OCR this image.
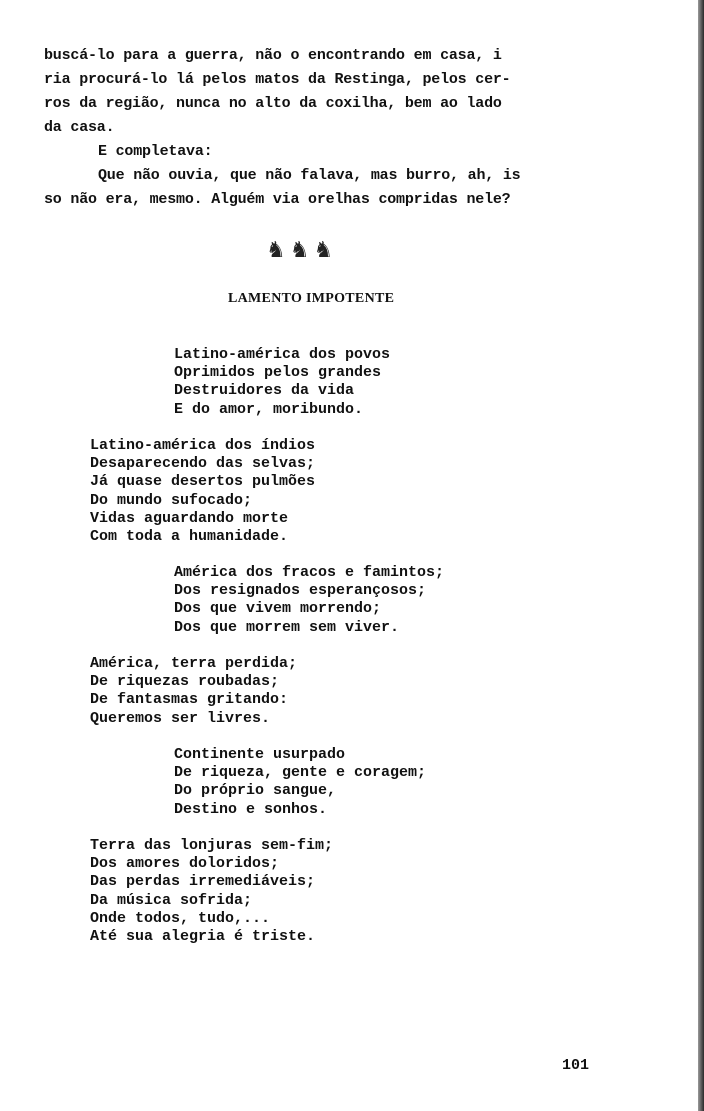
buscá-lo para a guerra, não o encontrando em casa, i
ria procurá-lo lá pelos matos da Restinga, pelos cer-
ros da região, nunca no alto da coxilha, bem ao lado
da casa.
E completava:
Que não ouvia, que não falava, mas burro, ah, is
so não era, mesmo. Alguém via orelhas compridas nele?
♞♞♞
LAMENTO IMPOTENTE
Latino-américa dos povos
Oprimidos pelos grandes
Destruidores da vida
E do amor, moribundo.
Latino-américa dos índios
Desaparecendo das selvas;
Já quase desertos pulmões
Do mundo sufocado;
Vidas aguardando morte
Com toda a humanidade.
América dos fracos e famintos;
Dos resignados esperançosos;
Dos que vivem morrendo;
Dos que morrem sem viver.
América, terra perdida;
De riquezas roubadas;
De fantasmas gritando:
Queremos ser livres.
Continente usurpado
De riqueza, gente e coragem;
Do próprio sangue,
Destino e sonhos.
Terra das lonjuras sem-fim;
Dos amores doloridos;
Das perdas irremediáveis;
Da música sofrida;
Onde todos, tudo,...
Até sua alegria é triste.
101
